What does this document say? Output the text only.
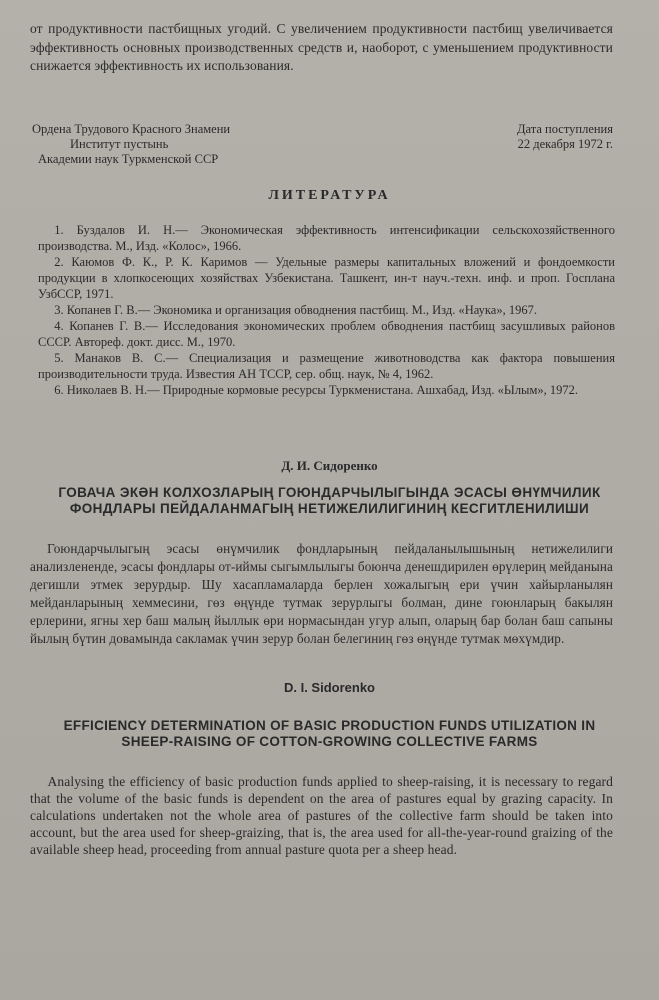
от продуктивности пастбищных угодий. С увеличением продуктивности пастбищ увеличивается эффективность основных производственных средств и, наоборот, с уменьшением продуктивности снижается эффективность их использования.

Ордена Трудового Красного Знамени
Институт пустынь
Академии наук Туркменской ССР
Дата поступления
22 декабря 1972 г.
ЛИТЕРАТУРА

1. Буздалов И. Н.— Экономическая эффективность интенсификации сельскохозяйственного производства. М., Изд. «Колос», 1966.

2. Каюмов Ф. К., Р. К. Каримов — Удельные размеры капитальных вложений и фондоемкости продукции в хлопкосеющих хозяйствах Узбекистана. Ташкент, ин-т науч.-техн. инф. и проп. Госплана УзбССР, 1971.

3. Копанев Г. В.— Экономика и организация обводнения пастбищ. М., Изд. «Наука», 1967.

4. Копанев Г. В.— Исследования экономических проблем обводнения пастбищ засушливых районов СССР. Автореф. докт. дисс. М., 1970.

5. Манаков В. С.— Специализация и размещение животноводства как фактора повышения производительности труда. Известия АН ТССР, сер. общ. наук, № 4, 1962.

6. Николаев В. Н.— Природные кормовые ресурсы Туркменистана. Ашхабад, Изд. «Ылым», 1972.

Д. И. Сидоренко
ГОВАЧА ЭКӘН КОЛХОЗЛАРЫҢ ГОЮНДАРЧЫЛЫГЫНДА ЭСАСЫ ӨНҮМЧИЛИК ФОНДЛАРЫ ПЕЙДАЛАНМАГЫҢ НЕТИЖЕЛИЛИГИНИҢ КЕСГИТЛЕНИЛИШИ

Гоюндарчылыгың эсасы өнүмчилик фондларының пейдаланылышының нетижелилиги анализлененде, эсасы фондлары от-иймы сыгымлылыгы боюнча денешдирилен өрүлериң мейданына дегишли этмек зерурдыр. Шу хасапламаларда берлен хожалыгың ери үчин хайырланылян мейданларының хеммесини, гөз өңүнде тутмак зерурлыгы болман, дине гоюнларың бакылян ерлерини, ягны хер баш малың йыллык өри нормасындан угур алып, оларың бар болан баш сапыны йылың бүтин довамында сакламак үчин зерур болан белегиниң гөз өңүнде тутмак мөхүмдир.

D. I. Sidorenko
EFFICIENCY DETERMINATION OF BASIC PRODUCTION FUNDS UTILIZATION IN SHEEP-RAISING OF COTTON-GROWING COLLECTIVE FARMS

Analysing the efficiency of basic production funds applied to sheep-raising, it is necessary to regard that the volume of the basic funds is dependent on the area of pastures equal by grazing capacity. In calculations undertaken not the whole area of pastures of the collective farm should be taken into account, but the area used for sheep-graizing, that is, the area used for all-the-year-round graizing of the available sheep head, proceeding from annual pasture quota per a sheep head.
